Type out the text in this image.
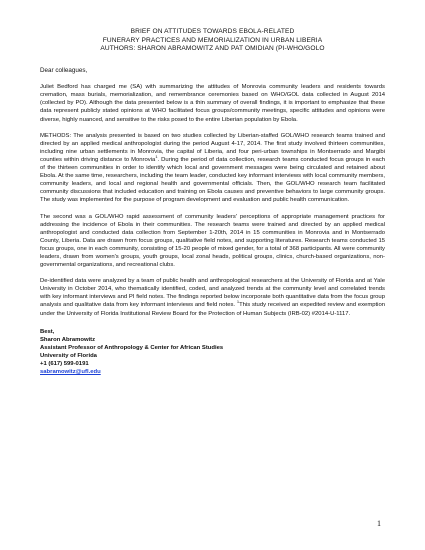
BRIEF ON ATTITUDES TOWARDS EBOLA-RELATED
FUNERARY PRACTICES AND MEMORIALIZATION IN URBAN LIBERIA
AUTHORS: SHARON ABRAMOWITZ AND PAT OMIDIAN (PI-WHO/GOLO
Dear colleagues,

Juliet Bedford has charged me (SA) with summarizing the attitudes of Monrovia community leaders and residents towards cremation, mass burials, memorialization, and remembrance ceremonies based on WHO/GOL data collected in August 2014 (collected by PO). Although the data presented below is a thin summary of overall findings, it is important to emphasize that these data represent publicly stated opinions at WHO facilitated focus groups/community meetings, specific attitudes and opinions were diverse, highly nuanced, and sensitive to the risks posed to the entire Liberian population by Ebola.

METHODS: The analysis presented is based on two studies collected by Liberian-staffed GOL/WHO research teams trained and directed by an applied medical anthropologist during the period August 4-17, 2014. The first study involved thirteen communities, including nine urban settlements in Monrovia, the capital of Liberia, and four peri-urban townships in Montserrado and Margibi counties within driving distance to Monrovia$^1$. During the period of data collection, research teams conducted focus groups in each of the thirteen communities in order to identify which local and government messages were being circulated and retained about Ebola. At the same time, researchers, including the team leader, conducted key informant interviews with local community members, community leaders, and local and regional health and governmental officials. Then, the GOL/WHO research team facilitated community discussions that included education and training on Ebola causes and preventive behaviors to large community groups. The study was implemented for the purpose of program development and evaluation and public health communication.

The second was a GOL/WHO rapid assessment of community leaders' perceptions of appropriate management practices for addressing the incidence of Ebola in their communities. The research teams were trained and directed by an applied medical anthropologist and conducted data collection from September 1-20th, 2014 in 15 communities in Monrovia and in Montserrado County, Liberia. Data are drawn from focus groups, qualitative field notes, and supporting literatures. Research teams conducted 15 focus groups, one in each community, consisting of 15-20 people of mixed gender, for a total of 368 participants. All were community leaders, drawn from women's groups, youth groups, local zonal heads, political groups, clinics, church-based organizations, non-governmental organizations, and recreational clubs.

De-identified data were analyzed by a team of public health and anthropological researchers at the University of Florida and at Yale University in October 2014, who thematically identified, coded, and analyzed trends at the community level and correlated trends with key informant interviews and PI field notes. The findings reported below incorporate both quantitative data from the focus group analysis and qualitative data from key informant interviews and field notes. $^1$This study received an expedited review and exemption under the University of Florida Institutional Review Board for the Protection of Human Subjects (IRB-02) #2014-U-1117.

Best,
Sharon Abramowitz
Assistant Professor of Anthropology & Center for African Studies
University of Florida
+1 (617) 599-0191
sabramowitz@ufl.edu
1
